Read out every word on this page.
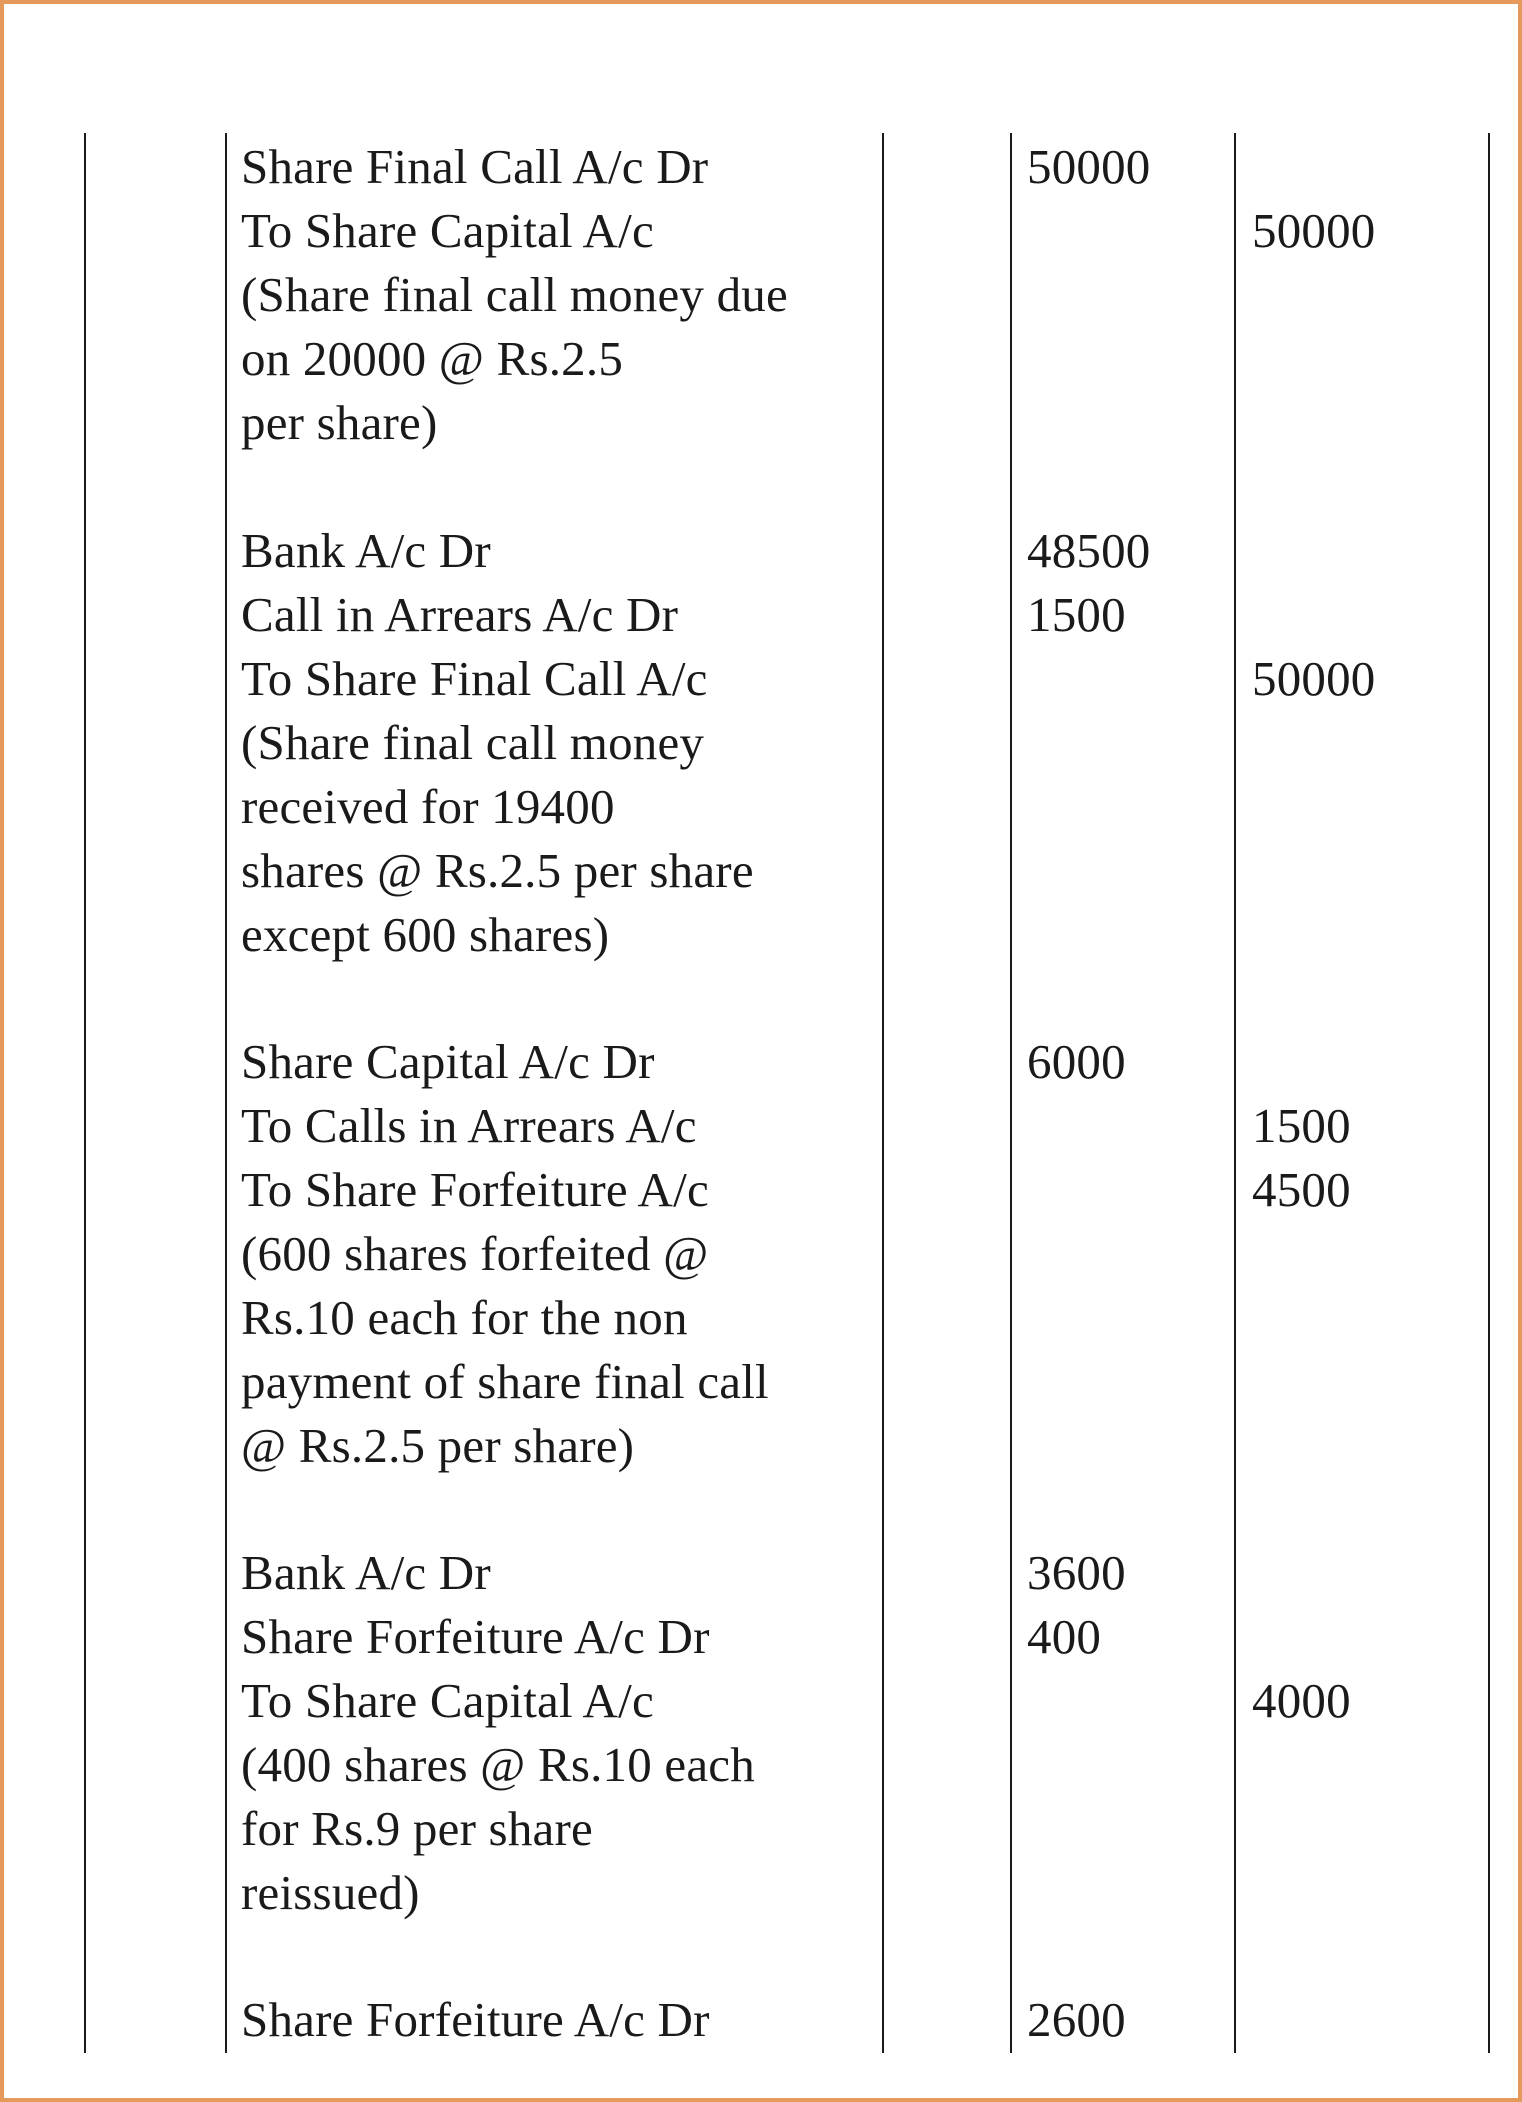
Share Final Call A/c Dr
To Share Capital A/c
(Share final call money due
on 20000 @ Rs.2.5
per share)
50000
50000
Bank A/c Dr
Call in Arrears A/c Dr
To Share Final Call A/c
(Share final call money
received for 19400
shares @ Rs.2.5 per share
except 600 shares)
48500
1500
50000
Share Capital A/c Dr
To Calls in Arrears A/c
To Share Forfeiture A/c
(600 shares forfeited @
Rs.10 each for the non
payment of share final call
@ Rs.2.5 per share)
6000
1500
4500
Bank A/c Dr
Share Forfeiture A/c Dr
To Share Capital A/c
(400 shares @ Rs.10 each
for Rs.9 per share
reissued)
3600
400
4000
Share Forfeiture A/c Dr	2600
